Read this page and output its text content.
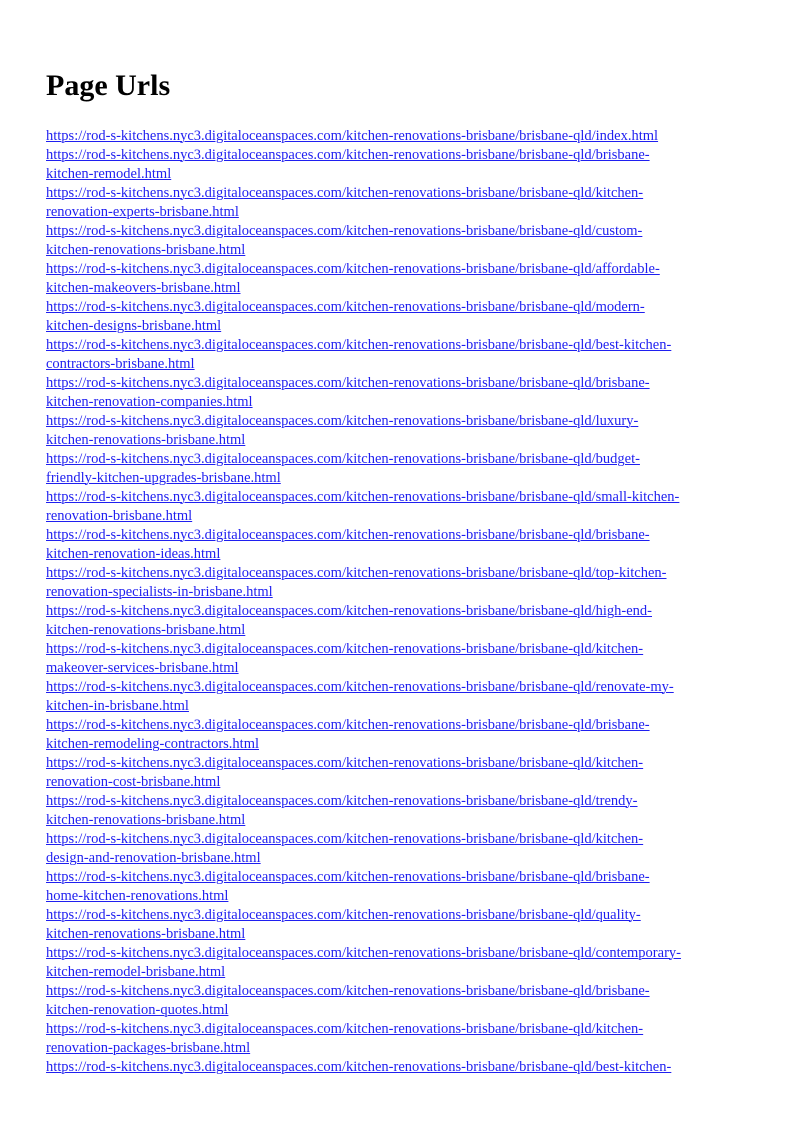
Page Urls
https://rod-s-kitchens.nyc3.digitaloceanspaces.com/kitchen-renovations-brisbane/brisbane-qld/index.html
https://rod-s-kitchens.nyc3.digitaloceanspaces.com/kitchen-renovations-brisbane/brisbane-qld/brisbane-
kitchen-remodel.html
https://rod-s-kitchens.nyc3.digitaloceanspaces.com/kitchen-renovations-brisbane/brisbane-qld/kitchen-
renovation-experts-brisbane.html
https://rod-s-kitchens.nyc3.digitaloceanspaces.com/kitchen-renovations-brisbane/brisbane-qld/custom-
kitchen-renovations-brisbane.html
https://rod-s-kitchens.nyc3.digitaloceanspaces.com/kitchen-renovations-brisbane/brisbane-qld/affordable-
kitchen-makeovers-brisbane.html
https://rod-s-kitchens.nyc3.digitaloceanspaces.com/kitchen-renovations-brisbane/brisbane-qld/modern-
kitchen-designs-brisbane.html
https://rod-s-kitchens.nyc3.digitaloceanspaces.com/kitchen-renovations-brisbane/brisbane-qld/best-kitchen-
contractors-brisbane.html
https://rod-s-kitchens.nyc3.digitaloceanspaces.com/kitchen-renovations-brisbane/brisbane-qld/brisbane-
kitchen-renovation-companies.html
https://rod-s-kitchens.nyc3.digitaloceanspaces.com/kitchen-renovations-brisbane/brisbane-qld/luxury-
kitchen-renovations-brisbane.html
https://rod-s-kitchens.nyc3.digitaloceanspaces.com/kitchen-renovations-brisbane/brisbane-qld/budget-
friendly-kitchen-upgrades-brisbane.html
https://rod-s-kitchens.nyc3.digitaloceanspaces.com/kitchen-renovations-brisbane/brisbane-qld/small-kitchen-
renovation-brisbane.html
https://rod-s-kitchens.nyc3.digitaloceanspaces.com/kitchen-renovations-brisbane/brisbane-qld/brisbane-
kitchen-renovation-ideas.html
https://rod-s-kitchens.nyc3.digitaloceanspaces.com/kitchen-renovations-brisbane/brisbane-qld/top-kitchen-
renovation-specialists-in-brisbane.html
https://rod-s-kitchens.nyc3.digitaloceanspaces.com/kitchen-renovations-brisbane/brisbane-qld/high-end-
kitchen-renovations-brisbane.html
https://rod-s-kitchens.nyc3.digitaloceanspaces.com/kitchen-renovations-brisbane/brisbane-qld/kitchen-
makeover-services-brisbane.html
https://rod-s-kitchens.nyc3.digitaloceanspaces.com/kitchen-renovations-brisbane/brisbane-qld/renovate-my-
kitchen-in-brisbane.html
https://rod-s-kitchens.nyc3.digitaloceanspaces.com/kitchen-renovations-brisbane/brisbane-qld/brisbane-
kitchen-remodeling-contractors.html
https://rod-s-kitchens.nyc3.digitaloceanspaces.com/kitchen-renovations-brisbane/brisbane-qld/kitchen-
renovation-cost-brisbane.html
https://rod-s-kitchens.nyc3.digitaloceanspaces.com/kitchen-renovations-brisbane/brisbane-qld/trendy-
kitchen-renovations-brisbane.html
https://rod-s-kitchens.nyc3.digitaloceanspaces.com/kitchen-renovations-brisbane/brisbane-qld/kitchen-
design-and-renovation-brisbane.html
https://rod-s-kitchens.nyc3.digitaloceanspaces.com/kitchen-renovations-brisbane/brisbane-qld/brisbane-
home-kitchen-renovations.html
https://rod-s-kitchens.nyc3.digitaloceanspaces.com/kitchen-renovations-brisbane/brisbane-qld/quality-
kitchen-renovations-brisbane.html
https://rod-s-kitchens.nyc3.digitaloceanspaces.com/kitchen-renovations-brisbane/brisbane-qld/contemporary-
kitchen-remodel-brisbane.html
https://rod-s-kitchens.nyc3.digitaloceanspaces.com/kitchen-renovations-brisbane/brisbane-qld/brisbane-
kitchen-renovation-quotes.html
https://rod-s-kitchens.nyc3.digitaloceanspaces.com/kitchen-renovations-brisbane/brisbane-qld/kitchen-
renovation-packages-brisbane.html
https://rod-s-kitchens.nyc3.digitaloceanspaces.com/kitchen-renovations-brisbane/brisbane-qld/best-kitchen-
